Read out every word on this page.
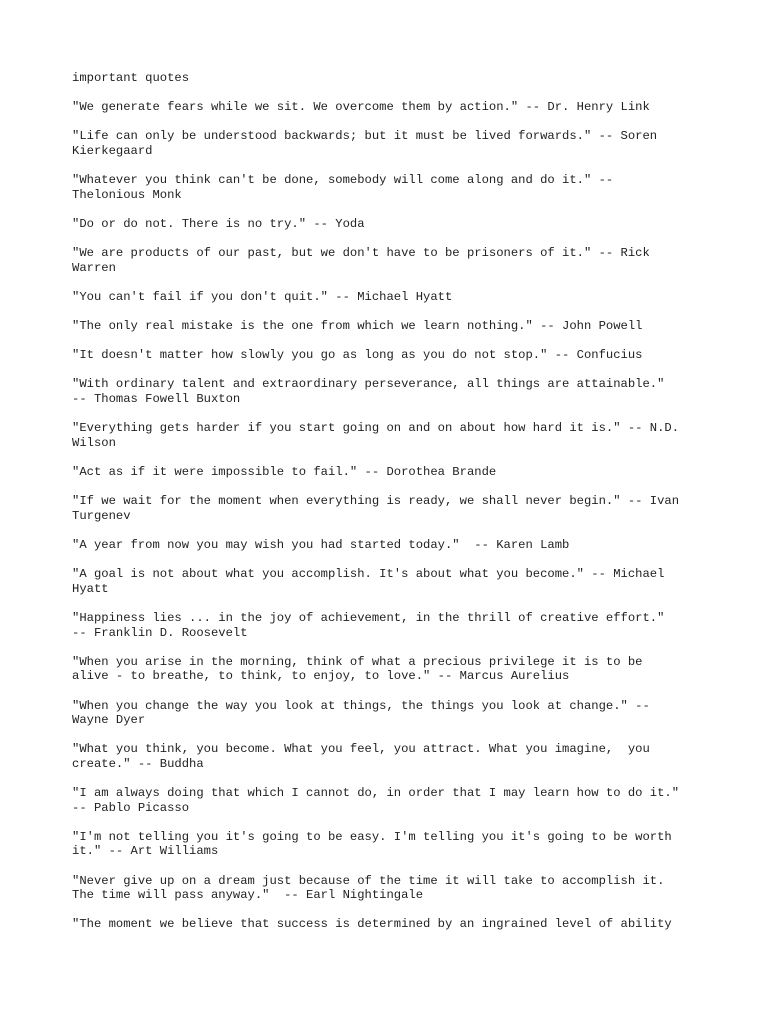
important quotes
"We generate fears while we sit. We overcome them by action." -- Dr. Henry Link
"Life can only be understood backwards; but it must be lived forwards." -- Soren
Kierkegaard
"Whatever you think can't be done, somebody will come along and do it." --
Thelonious Monk
"Do or do not. There is no try." -- Yoda
"We are products of our past, but we don't have to be prisoners of it." -- Rick
Warren
"You can't fail if you don't quit." -- Michael Hyatt
"The only real mistake is the one from which we learn nothing." -- John Powell
"It doesn't matter how slowly you go as long as you do not stop." -- Confucius
"With ordinary talent and extraordinary perseverance, all things are attainable."
-- Thomas Fowell Buxton
"Everything gets harder if you start going on and on about how hard it is." -- N.D.
Wilson
"Act as if it were impossible to fail." -- Dorothea Brande
"If we wait for the moment when everything is ready, we shall never begin." -- Ivan
Turgenev
"A year from now you may wish you had started today."  -- Karen Lamb
"A goal is not about what you accomplish. It's about what you become." -- Michael
Hyatt
"Happiness lies ... in the joy of achievement, in the thrill of creative effort."
-- Franklin D. Roosevelt
"When you arise in the morning, think of what a precious privilege it is to be
alive - to breathe, to think, to enjoy, to love." -- Marcus Aurelius
"When you change the way you look at things, the things you look at change." --
Wayne Dyer
"What you think, you become. What you feel, you attract. What you imagine,  you
create." -- Buddha
"I am always doing that which I cannot do, in order that I may learn how to do it."
-- Pablo Picasso
"I'm not telling you it's going to be easy. I'm telling you it's going to be worth
it." -- Art Williams
"Never give up on a dream just because of the time it will take to accomplish it.
The time will pass anyway."  -- Earl Nightingale
"The moment we believe that success is determined by an ingrained level of ability
